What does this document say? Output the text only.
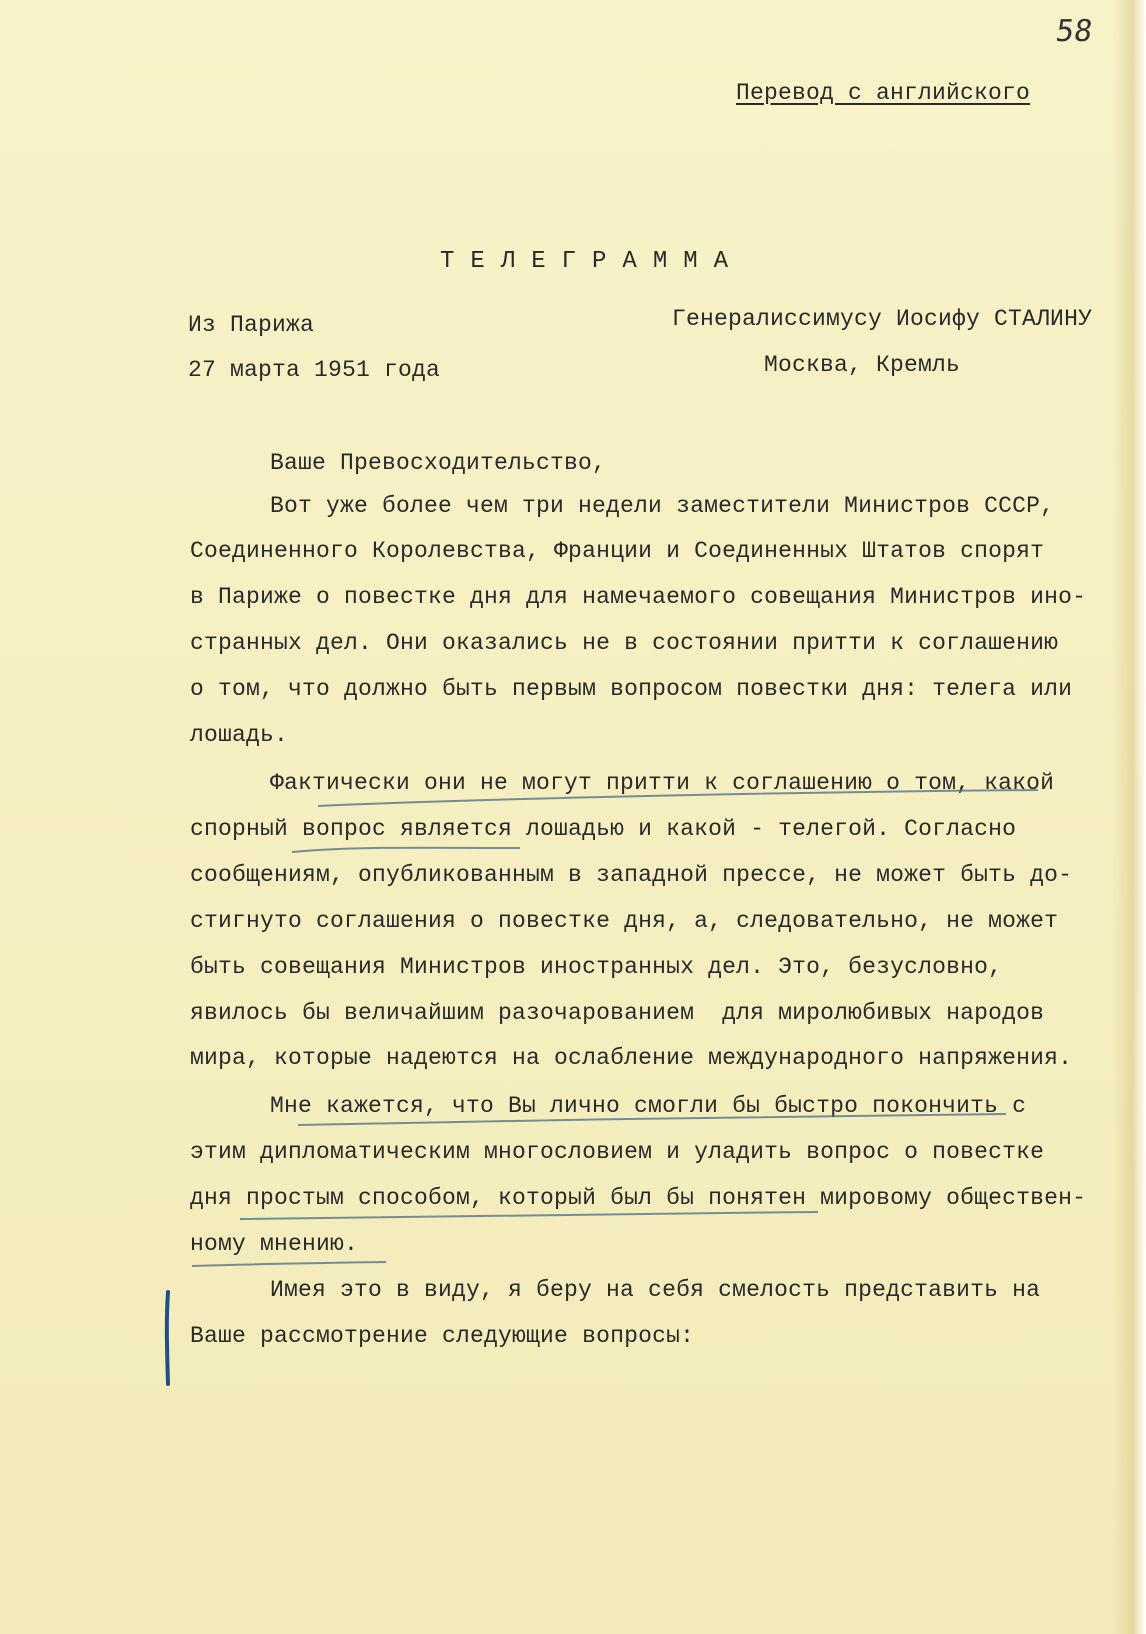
58
Перевод с английского
ТЕЛЕГРАММА
Из Парижа
27 марта 1951 года
Генералиссимусу Иосифу СТАЛИНУ
Москва, Кремль
Ваше Превосходительство,
Вот уже более чем три недели заместители Министров СССР,
Соединенного Королевства, Франции и Соединенных Штатов спорят
в Париже о повестке дня для намечаемого совещания Министров ино-
странных дел. Они оказались не в состоянии притти к соглашению
о том, что должно быть первым вопросом повестки дня: телега или
лошадь.
Фактически они не могут притти к соглашению о том, какой
спорный вопрос является лошадью и какой - телегой. Согласно
сообщениям, опубликованным в западной прессе, не может быть до-
стигнуто соглашения о повестке дня, а, следовательно, не может
быть совещания Министров иностранных дел. Это, безусловно,
явилось бы величайшим разочарованием  для миролюбивых народов
мира, которые надеются на ослабление международного напряжения.
Мне кажется, что Вы лично смогли бы быстро покончить с
этим дипломатическим многословием и уладить вопрос о повестке
дня простым способом, который был бы понятен мировому обществен-
ному мнению.
Имея это в виду, я беру на себя смелость представить на
Ваше рассмотрение следующие вопросы:
